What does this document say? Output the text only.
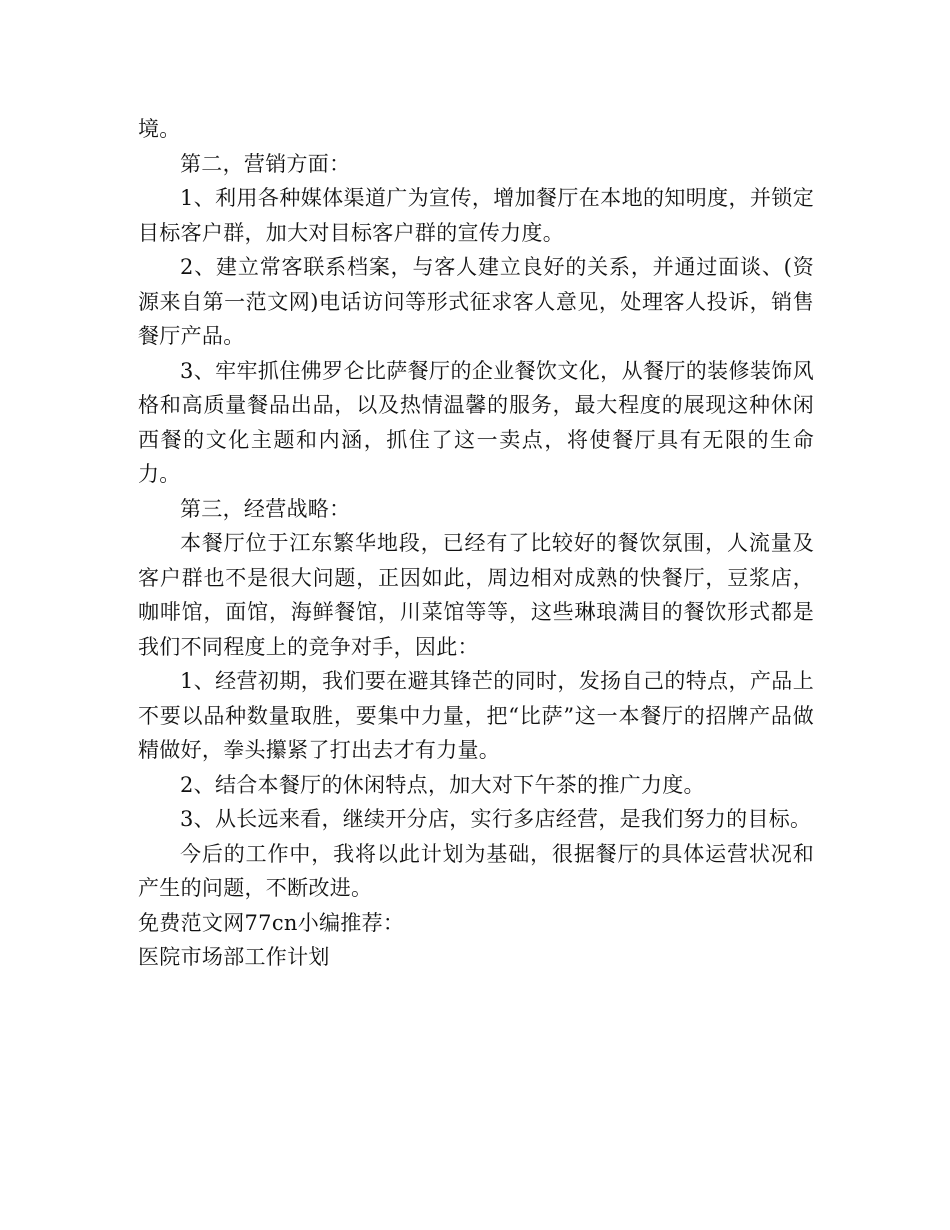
境。

第二，营销方面：

1、利用各种媒体渠道广为宣传，增加餐厅在本地的知明度，并锁定目标客户群，加大对目标客户群的宣传力度。

2、建立常客联系档案，与客人建立良好的关系，并通过面谈、(资源来自第一范文网)电话访问等形式征求客人意见，处理客人投诉，销售餐厅产品。

3、牢牢抓住佛罗仑比萨餐厅的企业餐饮文化，从餐厅的装修装饰风格和高质量餐品出品，以及热情温馨的服务，最大程度的展现这种休闲西餐的文化主题和内涵，抓住了这一卖点，将使餐厅具有无限的生命力。

第三，经营战略：

本餐厅位于江东繁华地段，已经有了比较好的餐饮氛围，人流量及客户群也不是很大问题，正因如此，周边相对成熟的快餐厅，豆浆店，咖啡馆，面馆，海鲜餐馆，川菜馆等等，这些琳琅满目的餐饮形式都是我们不同程度上的竞争对手，因此：

1、经营初期，我们要在避其锋芒的同时，发扬自己的特点，产品上不要以品种数量取胜，要集中力量，把“比萨”这一本餐厅的招牌产品做精做好，拳头攥紧了打出去才有力量。

2、结合本餐厅的休闲特点，加大对下午茶的推广力度。

3、从长远来看，继续开分店，实行多店经营，是我们努力的目标。

今后的工作中，我将以此计划为基础，很据餐厅的具体运营状况和产生的问题，不断改进。

免费范文网77cn小编推荐：

医院市场部工作计划
